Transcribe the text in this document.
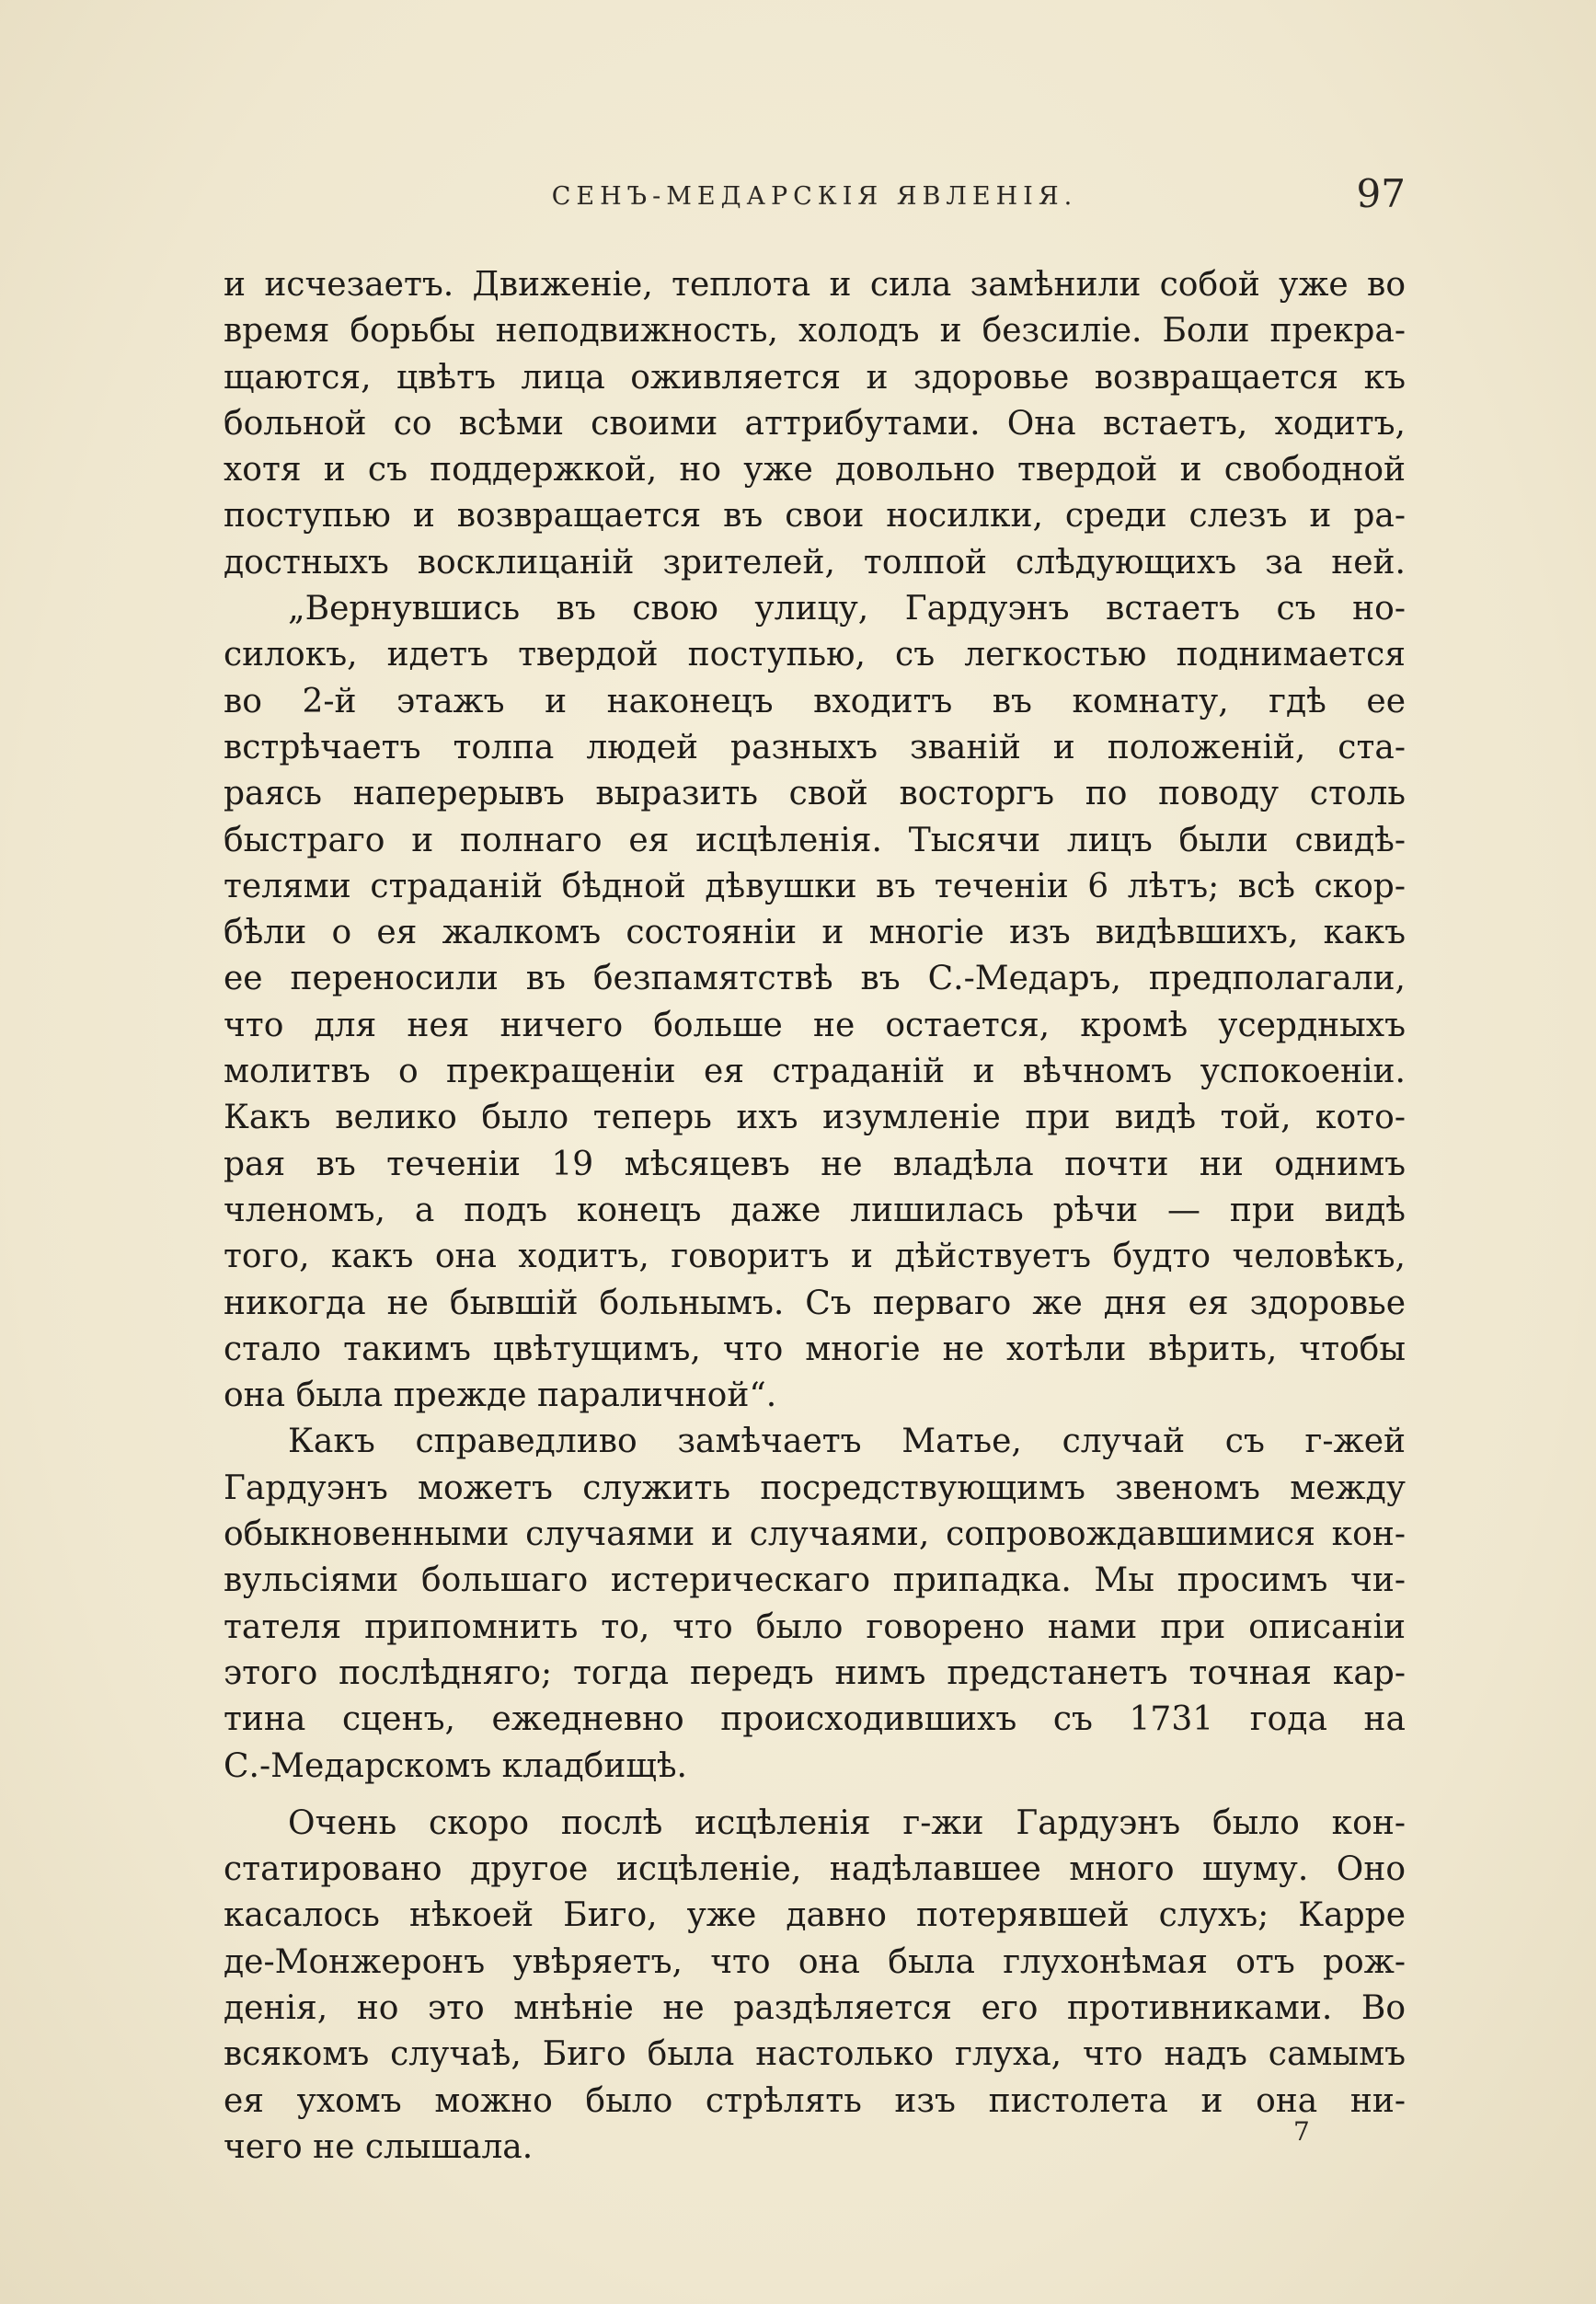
СЕНЪ-МЕДАРСКІЯ ЯВЛЕНІЯ.	97
и исчезаетъ. Движеніе, теплота и сила замѣнили собой уже во
время борьбы неподвижность, холодъ и безсиліе. Боли прекра-
щаются, цвѣтъ лица оживляется и здоровье возвращается къ
больной со всѣми своими аттрибутами. Она встаетъ, ходитъ,
хотя и съ поддержкой, но уже довольно твердой и свободной
поступью и возвращается въ свои носилки, среди слезъ и ра-
достныхъ восклицаній зрителей, толпой слѣдующихъ за ней.
„Вернувшись въ свою улицу, Гардуэнъ встаетъ съ но-
силокъ, идетъ твердой поступью, съ легкостью поднимается
во 2-й этажъ и наконецъ входитъ въ комнату, гдѣ ее
встрѣчаетъ толпа людей разныхъ званій и положеній, ста-
раясь наперерывъ выразить свой восторгъ по поводу столь
быстраго и полнаго ея исцѣленія. Тысячи лицъ были свидѣ-
телями страданій бѣдной дѣвушки въ теченіи 6 лѣтъ; всѣ скор-
бѣли о ея жалкомъ состояніи и многіе изъ видѣвшихъ, какъ
ее переносили въ безпамятствѣ въ С.-Медаръ, предполагали,
что для нея ничего больше не остается, кромѣ усердныхъ
молитвъ о прекращеніи ея страданій и вѣчномъ успокоеніи.
Какъ велико было теперь ихъ изумленіе при видѣ той, кото-
рая въ теченіи 19 мѣсяцевъ не владѣла почти ни однимъ
членомъ, а подъ конецъ даже лишилась рѣчи — при видѣ
того, какъ она ходитъ, говоритъ и дѣйствуетъ будто человѣкъ,
никогда не бывшій больнымъ. Съ перваго же дня ея здоровье
стало такимъ цвѣтущимъ, что многіе не хотѣли вѣрить, чтобы
она была прежде параличной“.
Какъ справедливо замѣчаетъ Матье, случай съ г-жей
Гардуэнъ можетъ служить посредствующимъ звеномъ между
обыкновенными случаями и случаями, сопровождавшимися кон-
вульсіями большаго истерическаго припадка. Мы просимъ чи-
тателя припомнить то, что было говорено нами при описаніи
этого послѣдняго; тогда передъ нимъ предстанетъ точная кар-
тина сценъ, ежедневно происходившихъ съ 1731 года на
С.-Медарскомъ кладбищѣ.
Очень скоро послѣ исцѣленія г-жи Гардуэнъ было кон-
статировано другое исцѣленіе, надѣлавшее много шуму. Оно
касалось нѣкоей Биго, уже давно потерявшей слухъ; Карре
де-Монжеронъ увѣряетъ, что она была глухонѣмая отъ рож-
денія, но это мнѣніе не раздѣляется его противниками. Во
всякомъ случаѣ, Биго была настолько глуха, что надъ самымъ
ея ухомъ можно было стрѣлять изъ пистолета и она ни-
чего не слышала.	7
